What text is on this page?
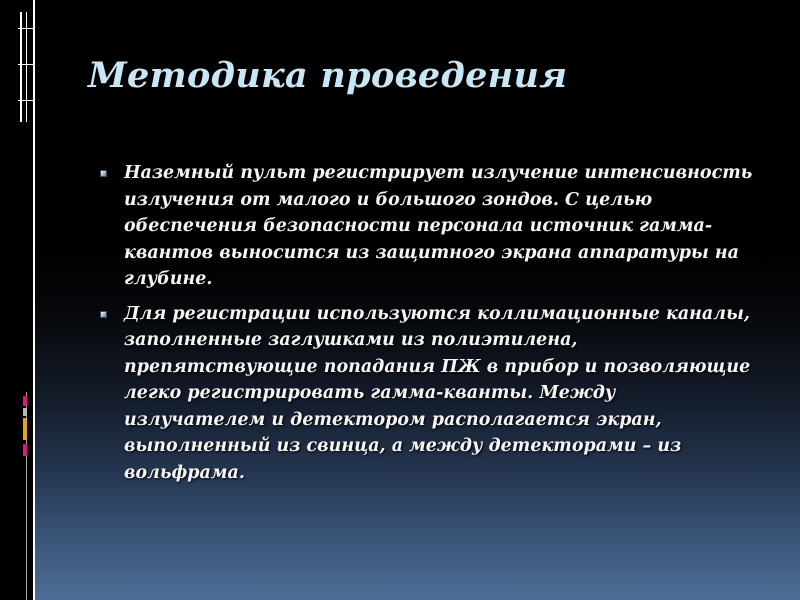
Методика проведения
Наземный пульт регистрирует излучение интенсивность излучения от малого и большого зондов. С целью обеспечения безопасности персонала источник гамма-квантов выносится из защитного экрана аппаратуры на глубине.
Для регистрации используются коллимационные каналы, заполненные заглушками из полиэтилена, препятствующие попадания ПЖ в прибор и позволяющие легко регистрировать гамма-кванты. Между излучателем и детектором располагается экран, выполненный из свинца, а между детекторами – из вольфрама.
